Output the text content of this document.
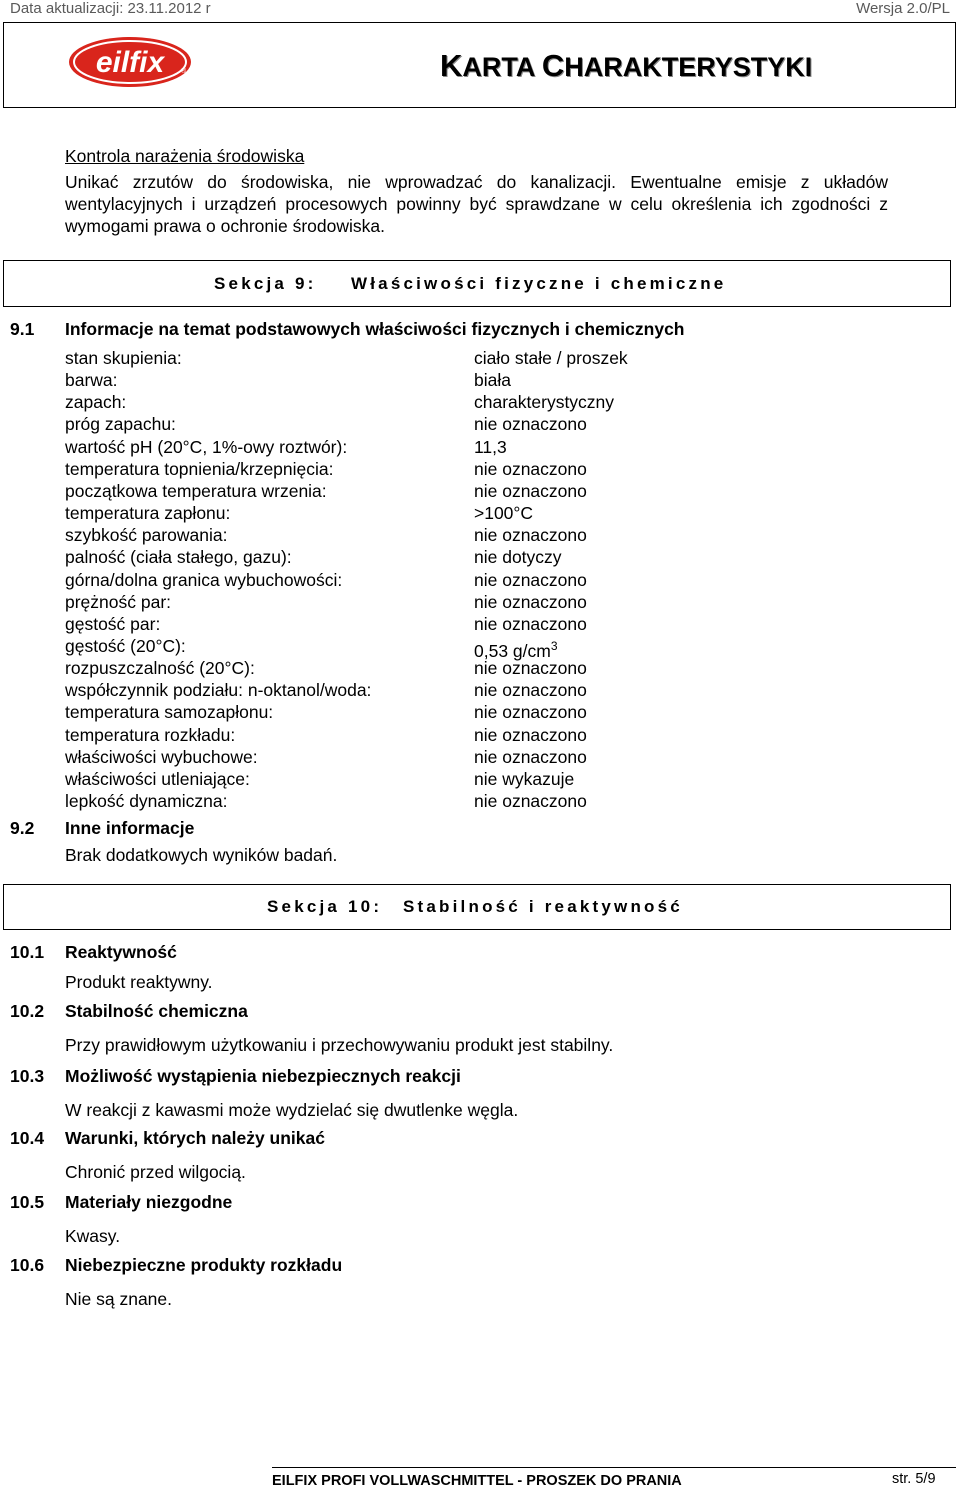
Data aktualizacji: 23.11.2012 r	Wersja 2.0/PL
eilfix ®	KARTA CHARAKTERYSTYKI
Kontrola narażenia środowiska
Unikać zrzutów do środowiska, nie wprowadzać do kanalizacji. Ewentualne emisje z układów wentylacyjnych i urządzeń procesowych powinny być sprawdzane w celu określenia ich zgodności z wymogami prawa o ochronie środowiska.
Sekcja 9: Właściwości fizyczne i chemiczne
9.1 Informacje na temat podstawowych właściwości fizycznych i chemicznych
stan skupienia:	ciało stałe / proszek
barwa:	biała
zapach:	charakterystyczny
próg zapachu:	nie oznaczono
wartość pH (20°C, 1%-owy roztwór):	11,3
temperatura topnienia/krzepnięcia:	nie oznaczono
początkowa temperatura wrzenia:	nie oznaczono
temperatura zapłonu:	>100°C
szybkość parowania:	nie oznaczono
palność (ciała stałego, gazu):	nie dotyczy
górna/dolna granica wybuchowości:	nie oznaczono
prężność par:	nie oznaczono
gęstość par:	nie oznaczono
gęstość (20°C):	0,53 $g/cm^3$
rozpuszczalność (20°C):	nie oznaczono
współczynnik podziału: n-oktanol/woda:	nie oznaczono
temperatura samozapłonu:	nie oznaczono
temperatura rozkładu:	nie oznaczono
właściwości wybuchowe:	nie oznaczono
właściwości utleniające:	nie wykazuje
lepkość dynamiczna:	nie oznaczono
9.2 Inne informacje
Brak dodatkowych wyników badań.
Sekcja 10: Stabilność i reaktywność
10.1 Reaktywność
Produkt reaktywny.
10.2 Stabilność chemiczna
Przy prawidłowym użytkowaniu i przechowywaniu produkt jest stabilny.
10.3 Możliwość wystąpienia niebezpiecznych reakcji
W reakcji z kawasmi może wydzielać się dwutlenke węgla.
10.4 Warunki, których należy unikać
Chronić przed wilgocią.
10.5 Materiały niezgodne
Kwasy.
10.6 Niebezpieczne produkty rozkładu
Nie są znane.
EILFIX PROFI VOLLWASCHMITTEL - PROSZEK DO PRANIA	str. 5/9
